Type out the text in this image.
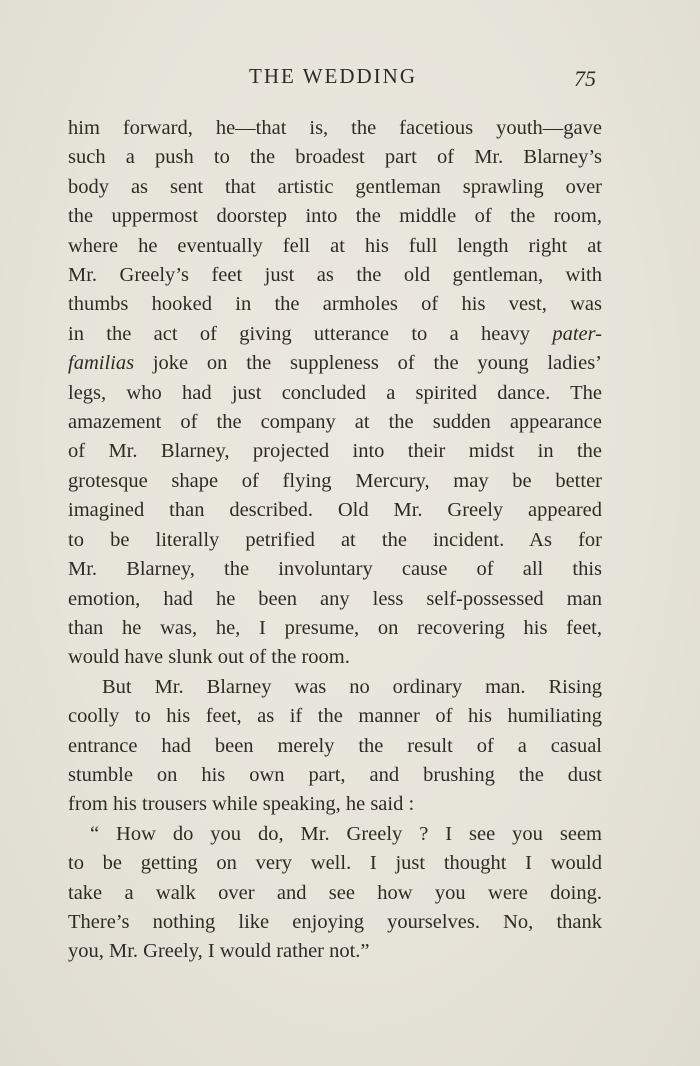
THE WEDDING	75

him forward, he—that is, the facetious youth—gave
such a push to the broadest part of Mr. Blarney’s
body as sent that artistic gentleman sprawling over
the uppermost doorstep into the middle of the room,
where he eventually fell at his full length right at
Mr. Greely’s feet just as the old gentleman, with
thumbs hooked in the armholes of his vest, was
in the act of giving utterance to a heavy pater-
familias joke on the suppleness of the young ladies’
legs, who had just concluded a spirited dance. The
amazement of the company at the sudden appearance
of Mr. Blarney, projected into their midst in the
grotesque shape of flying Mercury, may be better
imagined than described. Old Mr. Greely appeared
to be literally petrified at the incident. As for
Mr. Blarney, the involuntary cause of all this
emotion, had he been any less self-possessed man
than he was, he, I presume, on recovering his feet,
would have slunk out of the room.

But Mr. Blarney was no ordinary man. Rising
coolly to his feet, as if the manner of his humiliating
entrance had been merely the result of a casual
stumble on his own part, and brushing the dust
from his trousers while speaking, he said :

“ How do you do, Mr. Greely ? I see you seem
to be getting on very well. I just thought I would
take a walk over and see how you were doing.
There’s nothing like enjoying yourselves. No, thank
you, Mr. Greely, I would rather not.”
